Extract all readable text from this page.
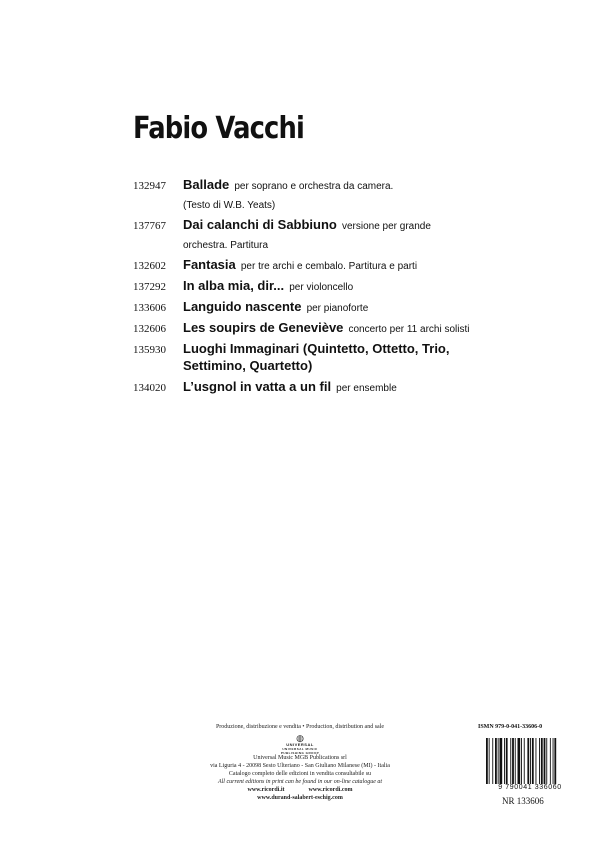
Fabio Vacchi
132947	Ballade per soprano e orchestra da camera.
(Testo di W.B. Yeats)
137767	Dai calanchi di Sabbiuno versione per grande orchestra. Partitura
132602	Fantasia per tre archi e cembalo. Partitura e parti
137292	In alba mia, dir... per violoncello
133606	Languido nascente per pianoforte
132606	Les soupirs de Geneviève concerto per 11 archi solisti
135930	Luoghi Immaginari (Quintetto, Ottetto, Trio, Settimino, Quartetto)
134020	L’usgnol in vatta a un fil per ensemble
Produzione, distribuzione e vendita • Production, distribution and sale
◍
UNIVERSAL
UNIVERSAL MUSIC PUBLISHING GROUP
Universal Music MGB Publications srl
via Liguria 4 - 20098 Sesto Ulteriano - San Giuliano Milanese (MI) - Italia
Catalogo completo delle edizioni in vendita consultabile su
All current editions in print can be found in our on-line catalogue at
www.ricordi.it	www.ricordi.com
www.durand-salabert-eschig.com
ISMN 979-0-041-33606-0
9 790041 336060
NR 133606
